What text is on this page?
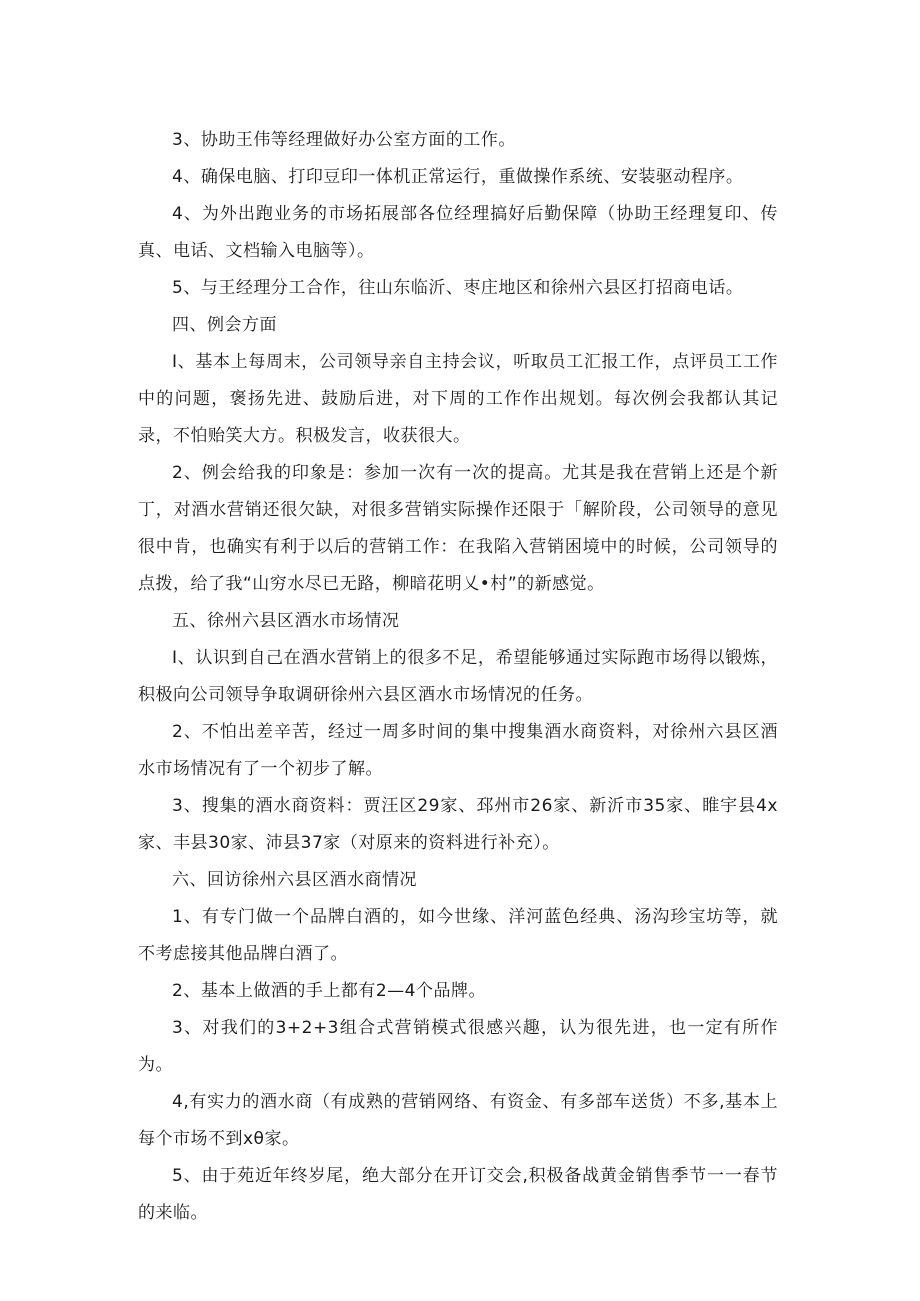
3、协助王伟等经理做好办公室方面的工作。

4、确保电脑、打印豆印一体机正常运行，重做操作系统、安装驱动程序。

4、为外出跑业务的市场拓展部各位经理搞好后勤保障（协助王经理复印、传真、电话、文档输入电脑等）。

5、与王经理分工合作，往山东临沂、枣庄地区和徐州六县区打招商电话。

四、例会方面

I、基本上每周末，公司领导亲自主持会议，听取员工汇报工作，点评员工工作中的问题，褒扬先进、鼓励后进，对下周的工作作出规划。每次例会我都认其记录，不怕贻笑大方。积极发言，收获很大。

2、例会给我的印象是：参加一次有一次的提高。尤其是我在营销上还是个新丁，对酒水营销还很欠缺，对很多营销实际操作还限于「解阶段，公司领导的意见很中肯，也确实有利于以后的营销工作：在我陷入营销困境中的时候，公司领导的点拨，给了我“山穷水尽已无路，柳暗花明乂•村”的新感觉。

五、徐州六县区酒水市场情况

I、认识到自己在酒水营销上的很多不足，希望能够通过实际跑市场得以锻炼，积极向公司领导争取调研徐州六县区酒水市场情况的任务。

2、不怕出差辛苦，经过一周多时间的集中搜集酒水商资料，对徐州六县区酒水市场情况有了一个初步了解。

3、搜集的酒水商资料：贾汪区29家、邳州市26家、新沂市35家、睢宇县4x家、丰县30家、沛县37家（对原来的资料进行补充）。

六、回访徐州六县区酒水商情况

1、有专门做一个品牌白酒的，如今世缘、洋河蓝色经典、汤沟珍宝坊等，就不考虑接其他品牌白酒了。

2、基本上做酒的手上都有2—4个品牌。

3、对我们的3+2+3组合式营销模式很感兴趣，认为很先进，也一定有所作为。

4,有实力的酒水商（有成熟的营销网络、有资金、有多部车送货）不多,基本上每个市场不到xθ家。

5、由于苑近年终岁尾，绝大部分在开订交会,积极备战黄金销售季节一一春节的来临。
